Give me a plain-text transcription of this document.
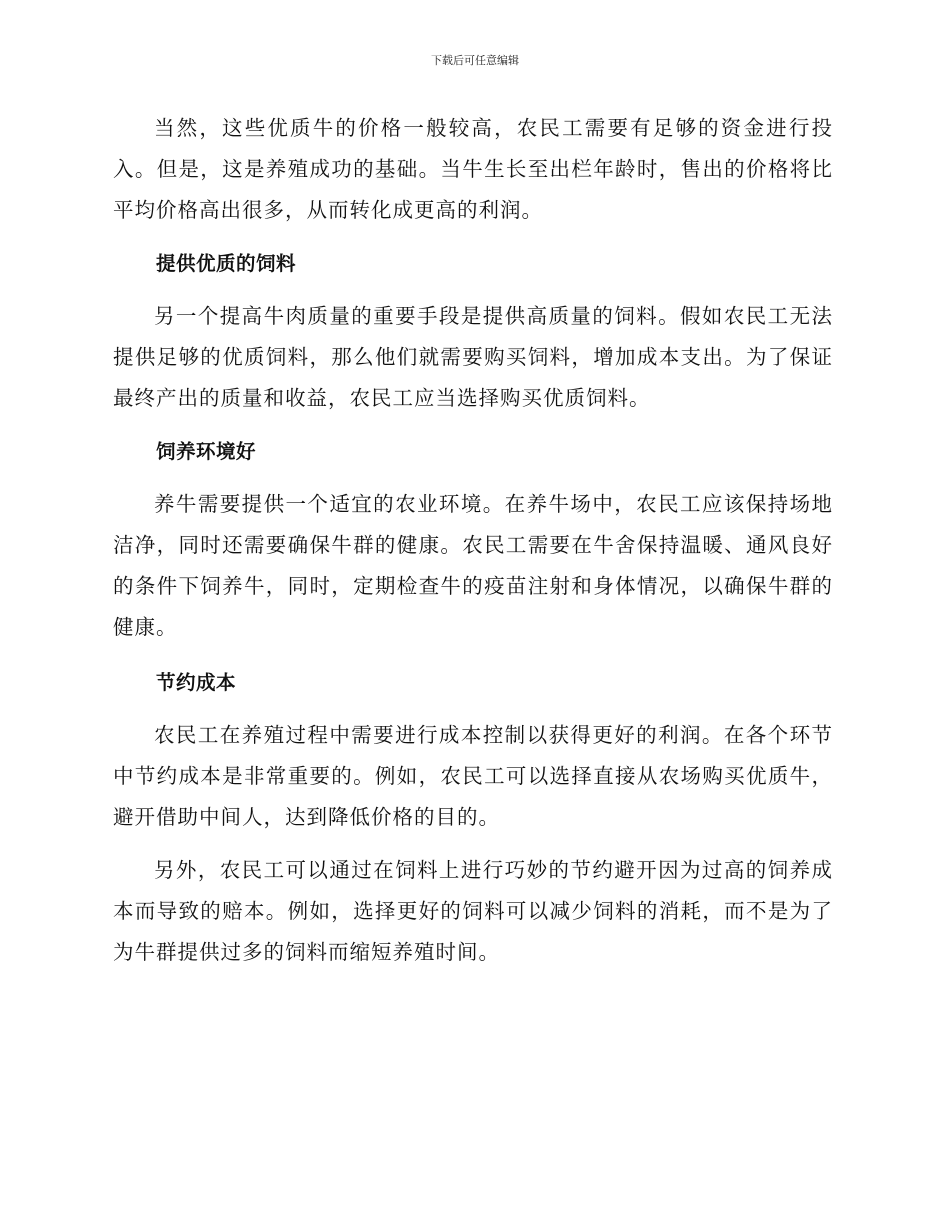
下载后可任意编辑

当然，这些优质牛的价格一般较高，农民工需要有足够的资金进行投入。但是，这是养殖成功的基础。当牛生长至出栏年龄时，售出的价格将比平均价格高出很多，从而转化成更高的利润。

提供优质的饲料

另一个提高牛肉质量的重要手段是提供高质量的饲料。假如农民工无法提供足够的优质饲料，那么他们就需要购买饲料，增加成本支出。为了保证最终产出的质量和收益，农民工应当选择购买优质饲料。

饲养环境好

养牛需要提供一个适宜的农业环境。在养牛场中，农民工应该保持场地洁净，同时还需要确保牛群的健康。农民工需要在牛舍保持温暖、通风良好的条件下饲养牛，同时，定期检查牛的疫苗注射和身体情况，以确保牛群的健康。

节约成本

农民工在养殖过程中需要进行成本控制以获得更好的利润。在各个环节中节约成本是非常重要的。例如，农民工可以选择直接从农场购买优质牛，避开借助中间人，达到降低价格的目的。

另外，农民工可以通过在饲料上进行巧妙的节约避开因为过高的饲养成本而导致的赔本。例如，选择更好的饲料可以减少饲料的消耗，而不是为了为牛群提供过多的饲料而缩短养殖时间。
